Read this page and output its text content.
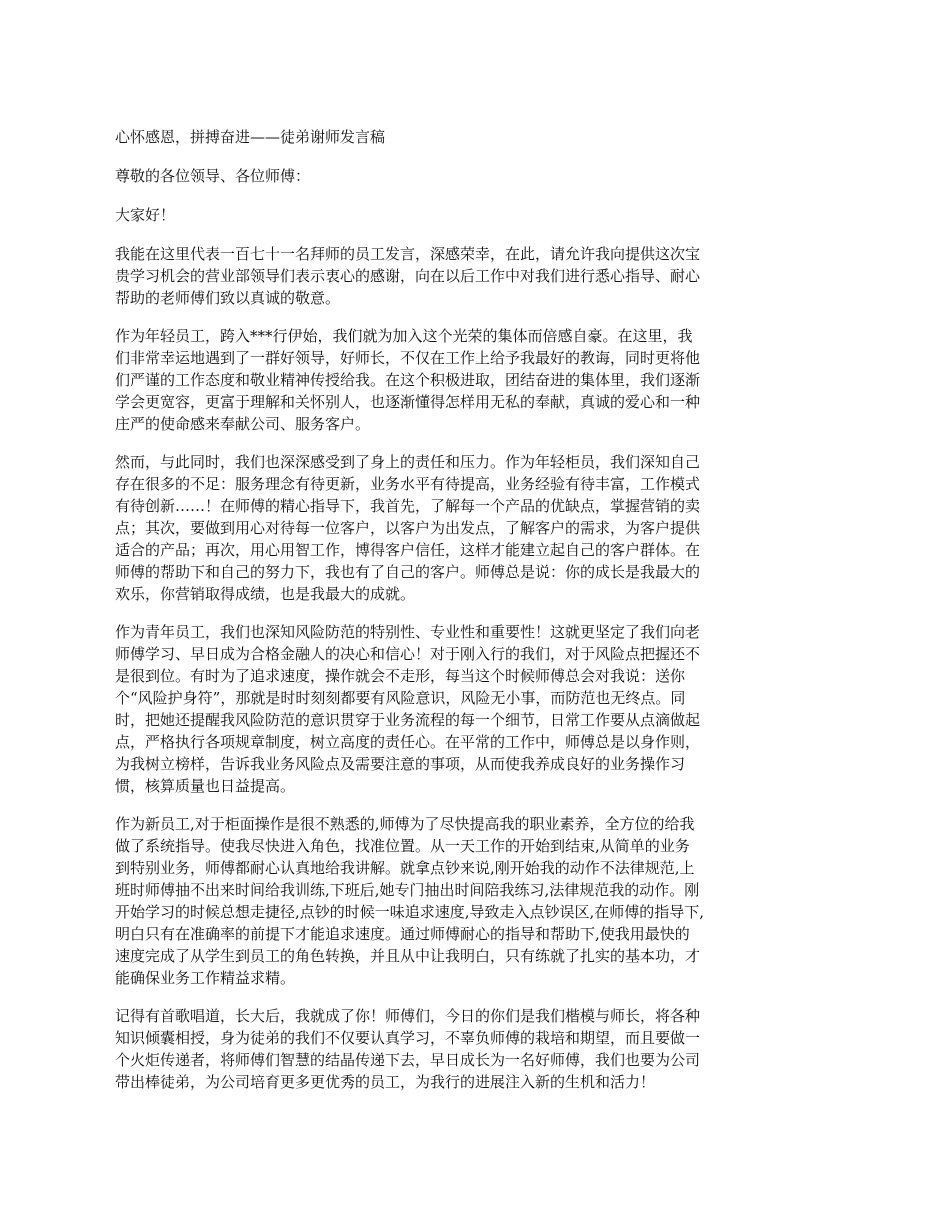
心怀感恩，拼搏奋进——徒弟谢师发言稿
尊敬的各位领导、各位师傅：
大家好！
我能在这里代表一百七十一名拜师的员工发言，深感荣幸，在此，请允许我向提供这次宝
贵学习机会的营业部领导们表示衷心的感谢，向在以后工作中对我们进行悉心指导、耐心
帮助的老师傅们致以真诚的敬意。
作为年轻员工，跨入***行伊始，我们就为加入这个光荣的集体而倍感自豪。在这里，我
们非常幸运地遇到了一群好领导，好师长，不仅在工作上给予我最好的教诲，同时更将他
们严谨的工作态度和敬业精神传授给我。在这个积极进取，团结奋进的集体里，我们逐渐
学会更宽容，更富于理解和关怀别人，也逐渐懂得怎样用无私的奉献，真诚的爱心和一种
庄严的使命感来奉献公司、服务客户。
然而，与此同时，我们也深深感受到了身上的责任和压力。作为年轻柜员，我们深知自己
存在很多的不足：服务理念有待更新，业务水平有待提高，业务经验有待丰富，工作模式
有待创新……！在师傅的精心指导下，我首先，了解每一个产品的优缺点，掌握营销的卖
点；其次，要做到用心对待每一位客户，以客户为出发点，了解客户的需求，为客户提供
适合的产品；再次，用心用智工作，博得客户信任，这样才能建立起自己的客户群体。在
师傅的帮助下和自己的努力下，我也有了自己的客户。师傅总是说：你的成长是我最大的
欢乐，你营销取得成绩，也是我最大的成就。
作为青年员工，我们也深知风险防范的特别性、专业性和重要性！这就更坚定了我们向老
师傅学习、早日成为合格金融人的决心和信心！对于刚入行的我们，对于风险点把握还不
是很到位。有时为了追求速度，操作就会不走形，每当这个时候师傅总会对我说：送你
个“风险护身符”，那就是时时刻刻都要有风险意识，风险无小事，而防范也无终点。同
时，把她还提醒我风险防范的意识贯穿于业务流程的每一个细节，日常工作要从点滴做起
点，严格执行各项规章制度，树立高度的责任心。在平常的工作中，师傅总是以身作则，
为我树立榜样，告诉我业务风险点及需要注意的事项，从而使我养成良好的业务操作习
惯，核算质量也日益提高。
作为新员工,对于柜面操作是很不熟悉的,师傅为了尽快提高我的职业素养，全方位的给我
做了系统指导。使我尽快进入角色，找准位置。从一天工作的开始到结束,从简单的业务
到特别业务，师傅都耐心认真地给我讲解。就拿点钞来说,刚开始我的动作不法律规范,上
班时师傅抽不出来时间给我训练,下班后,她专门抽出时间陪我练习,法律规范我的动作。刚
开始学习的时候总想走捷径,点钞的时候一味追求速度,导致走入点钞误区,在师傅的指导下,
明白只有在准确率的前提下才能追求速度。通过师傅耐心的指导和帮助下,使我用最快的
速度完成了从学生到员工的角色转换，并且从中让我明白，只有练就了扎实的基本功，才
能确保业务工作精益求精。
记得有首歌唱道，长大后，我就成了你！师傅们，今日的你们是我们楷模与师长，将各种
知识倾囊相授，身为徒弟的我们不仅要认真学习，不辜负师傅的栽培和期望，而且要做一
个火炬传递者，将师傅们智慧的结晶传递下去，早日成长为一名好师傅，我们也要为公司
带出棒徒弟，为公司培育更多更优秀的员工，为我行的进展注入新的生机和活力！
